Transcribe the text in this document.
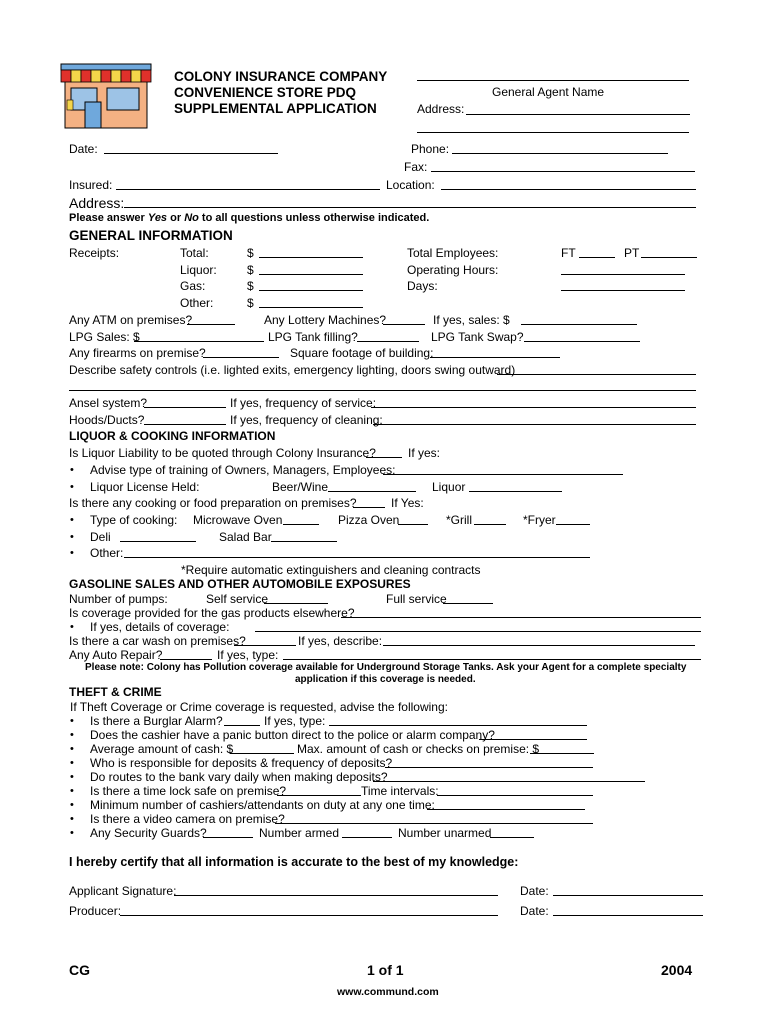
COLONY INSURANCE COMPANY
CONVENIENCE STORE PDQ
SUPPLEMENTAL APPLICATION
General Agent Name
Address:
Date:	Phone:
Fax:
Insured:	Location:
Address:
Please answer Yes or No to all questions unless otherwise indicated.
GENERAL INFORMATION
Receipts:	Total:	$
Liquor:	$
Gas:	$
Other:	$
Total Employees:	FT	PT
Operating Hours:
Days:
Any ATM on premises?	Any Lottery Machines?	If yes, sales: $
LPG Sales: $	LPG Tank filling?	LPG Tank Swap?
Any firearms on premise?	Square footage of building:
Describe safety controls (i.e. lighted exits, emergency lighting, doors swing outward)
Ansel system?	If yes, frequency of service:
Hoods/Ducts?	If yes, frequency of cleaning:
LIQUOR & COOKING INFORMATION
Is Liquor Liability to be quoted through Colony Insurance?	If yes:
• Advise type of training of Owners, Managers, Employees:
• Liquor License Held:	Beer/Wine	Liquor
Is there any cooking or food preparation on premises?	If Yes:
• Type of cooking: Microwave Oven	Pizza Oven	*Grill	*Fryer
• Deli	Salad Bar
• Other:
*Require automatic extinguishers and cleaning contracts
GASOLINE SALES AND OTHER AUTOMOBILE EXPOSURES
Number of pumps:	Self service	Full service
Is coverage provided for the gas products elsewhere?
• If yes, details of coverage:
Is there a car wash on premises?	If yes, describe:
Any Auto Repair?	If yes, type:
Please note: Colony has Pollution coverage available for Underground Storage Tanks. Ask your Agent for a complete specialty
application if this coverage is needed.
THEFT & CRIME
If Theft Coverage or Crime coverage is requested, advise the following:
• Is there a Burglar Alarm?	If yes, type:
• Does the cashier have a panic button direct to the police or alarm company?
• Average amount of cash: $	Max. amount of cash or checks on premise: $
• Who is responsible for deposits & frequency of deposits?
• Do routes to the bank vary daily when making deposits?
• Is there a time lock safe on premise?	Time intervals:
• Minimum number of cashiers/attendants on duty at any one time:
• Is there a video camera on premise?
• Any Security Guards?	Number armed	Number unarmed
I hereby certify that all information is accurate to the best of my knowledge:
Applicant Signature:	Date:
Producer:	Date:
CG	1 of 1	2004
www.commund.com
